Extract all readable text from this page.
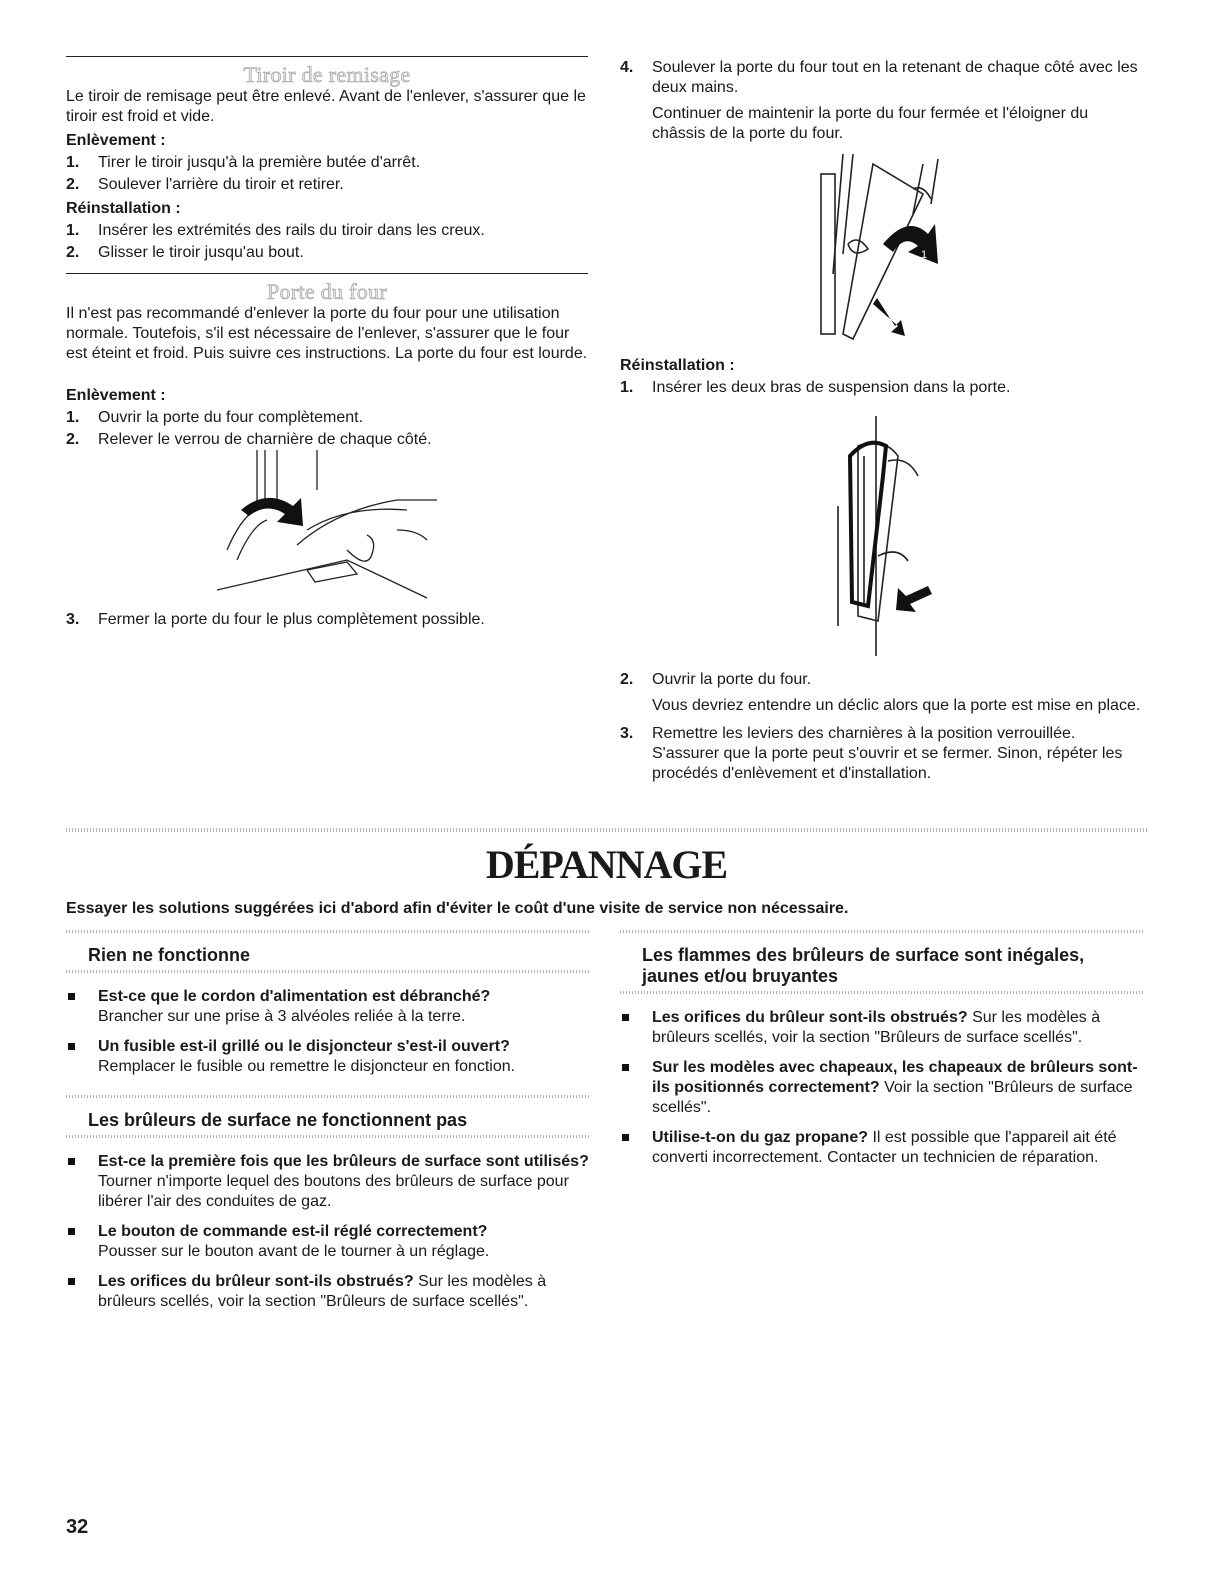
Tiroir de remisage

Le tiroir de remisage peut être enlevé. Avant de l'enlever, s'assurer que le tiroir est froid et vide.

Enlèvement :
1. Tirer le tiroir jusqu'à la première butée d'arrêt.
2. Soulever l'arrière du tiroir et retirer.
Réinstallation :
1. Insérer les extrémités des rails du tiroir dans les creux.
2. Glisser le tiroir jusqu'au bout.
Porte du four

Il n'est pas recommandé d'enlever la porte du four pour une utilisation normale. Toutefois, s'il est nécessaire de l'enlever, s'assurer que le four est éteint et froid. Puis suivre ces instructions. La porte du four est lourde.

Enlèvement :
1. Ouvrir la porte du four complètement.
2. Relever le verrou de charnière de chaque côté.
3. Fermer la porte du four le plus complètement possible.
4. Soulever la porte du four tout en la retenant de chaque côté avec les deux mains.
Continuer de maintenir la porte du four fermée et l'éloigner du châssis de la porte du four.
1
2
Réinstallation :
1. Insérer les deux bras de suspension dans la porte.
2. Ouvrir la porte du four.
Vous devriez entendre un déclic alors que la porte est mise en place.
3. Remettre les leviers des charnières à la position verrouillée. S'assurer que la porte peut s'ouvrir et se fermer. Sinon, répéter les procédés d'enlèvement et d'installation.
DÉPANNAGE
Essayer les solutions suggérées ici d'abord afin d'éviter le coût d'une visite de service non nécessaire.
Rien ne fonctionne
Est-ce que le cordon d'alimentation est débranché?
Brancher sur une prise à 3 alvéoles reliée à la terre.
Un fusible est-il grillé ou le disjoncteur s'est-il ouvert?
Remplacer le fusible ou remettre le disjoncteur en fonction.
Les brûleurs de surface ne fonctionnent pas
Est-ce la première fois que les brûleurs de surface sont utilisés? Tourner n'importe lequel des boutons des brûleurs de surface pour libérer l'air des conduites de gaz.
Le bouton de commande est-il réglé correctement?
Pousser sur le bouton avant de le tourner à un réglage.
Les orifices du brûleur sont-ils obstrués? Sur les modèles à brûleurs scellés, voir la section "Brûleurs de surface scellés".
Les flammes des brûleurs de surface sont inégales, jaunes et/ou bruyantes
Les orifices du brûleur sont-ils obstrués? Sur les modèles à brûleurs scellés, voir la section "Brûleurs de surface scellés".
Sur les modèles avec chapeaux, les chapeaux de brûleurs sont-ils positionnés correctement? Voir la section "Brûleurs de surface scellés".
Utilise-t-on du gaz propane? Il est possible que l'appareil ait été converti incorrectement. Contacter un technicien de réparation.
32
